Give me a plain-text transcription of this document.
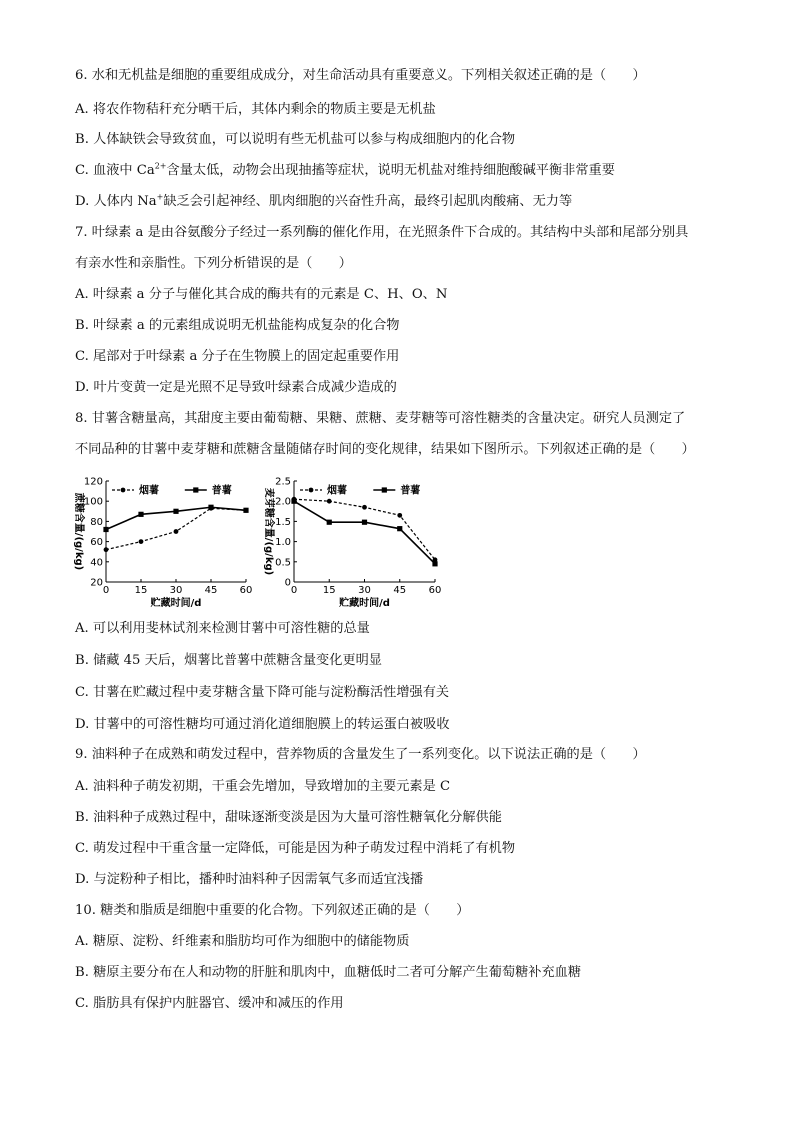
6. 水和无机盐是细胞的重要组成成分，对生命活动具有重要意义。下列相关叙述正确的是（　　）
A. 将农作物秸秆充分晒干后，其体内剩余的物质主要是无机盐
B. 人体缺铁会导致贫血，可以说明有些无机盐可以参与构成细胞内的化合物
C. 血液中 $Ca^{2+}$含量太低，动物会出现抽搐等症状，说明无机盐对维持细胞酸碱平衡非常重要
D. 人体内 Na+缺乏会引起神经、肌肉细胞的兴奋性升高，最终引起肌肉酸痛、无力等
7. 叶绿素 a 是由谷氨酸分子经过一系列酶的催化作用，在光照条件下合成的。其结构中头部和尾部分别具
有亲水性和亲脂性。下列分析错误的是（　　）
A. 叶绿素 a 分子与催化其合成的酶共有的元素是 C、H、O、N
B. 叶绿素 a 的元素组成说明无机盐能构成复杂的化合物
C. 尾部对于叶绿素 a 分子在生物膜上的固定起重要作用
D. 叶片变黄一定是光照不足导致叶绿素合成减少造成的
8. 甘薯含糖量高，其甜度主要由葡萄糖、果糖、蔗糖、麦芽糖等可溶性糖类的含量决定。研究人员测定了
不同品种的甘薯中麦芽糖和蔗糖含量随储存时间的变化规律，结果如下图所示。下列叙述正确的是（　　）
0	15 30 45 60
20
40
60
80
100
120
蔗糖含量/(g/kg)
贮藏时间/d
烟薯	普薯
0	15 30 45 60
0
0.5
1.0
1.5
2.0
2.5
麦芽糖含量/(g/kg)
贮藏时间/d
烟薯	普薯
A. 可以利用斐林试剂来检测甘薯中可溶性糖的总量
B. 储藏 45 天后，烟薯比普薯中蔗糖含量变化更明显
C. 甘薯在贮藏过程中麦芽糖含量下降可能与淀粉酶活性增强有关
D. 甘薯中的可溶性糖均可通过消化道细胞膜上的转运蛋白被吸收
9. 油料种子在成熟和萌发过程中，营养物质的含量发生了一系列变化。以下说法正确的是（　　）
A. 油料种子萌发初期，干重会先增加，导致增加的主要元素是 C
B. 油料种子成熟过程中，甜味逐渐变淡是因为大量可溶性糖氧化分解供能
C. 萌发过程中干重含量一定降低，可能是因为种子萌发过程中消耗了有机物
D. 与淀粉种子相比，播种时油料种子因需氧气多而适宜浅播
10. 糖类和脂质是细胞中重要的化合物。下列叙述正确的是（　　）
A. 糖原、淀粉、纤维素和脂肪均可作为细胞中的储能物质
B. 糖原主要分布在人和动物的肝脏和肌肉中，血糖低时二者可分解产生葡萄糖补充血糖
C. 脂肪具有保护内脏器官、缓冲和减压的作用
